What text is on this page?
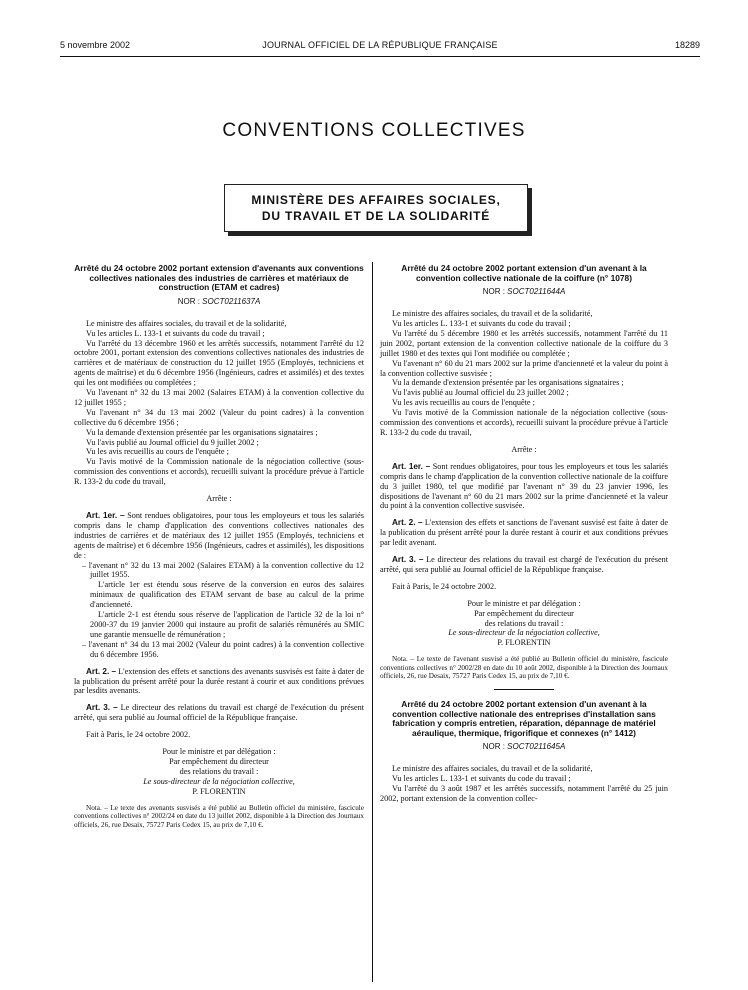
5 novembre 2002	JOURNAL OFFICIEL DE LA RÉPUBLIQUE FRANÇAISE	18289
CONVENTIONS COLLECTIVES
MINISTÈRE DES AFFAIRES SOCIALES,
DU TRAVAIL ET DE LA SOLIDARITÉ
Arrêté du 24 octobre 2002 portant extension d'avenants aux conventions collectives nationales des industries de carrières et matériaux de construction (ETAM et cadres)
NOR : SOCT0211637A

Le ministre des affaires sociales, du travail et de la solidarité,

Vu les articles L. 133-1 et suivants du code du travail ;

Vu l'arrêté du 13 décembre 1960 et les arrêtés successifs, notamment l'arrêté du 12 octobre 2001, portant extension des conventions collectives nationales des industries de carrières et de matériaux de construction du 12 juillet 1955 (Employés, techniciens et agents de maîtrise) et du 6 décembre 1956 (Ingénieurs, cadres et assimilés) et des textes qui les ont modifiées ou complétées ;

Vu l'avenant n° 32 du 13 mai 2002 (Salaires ETAM) à la convention collective du 12 juillet 1955 ;

Vu l'avenant n° 34 du 13 mai 2002 (Valeur du point cadres) à la convention collective du 6 décembre 1956 ;

Vu la demande d'extension présentée par les organisations signataires ;

Vu l'avis publié au Journal officiel du 9 juillet 2002 ;

Vu les avis recueillis au cours de l'enquête ;

Vu l'avis motivé de la Commission nationale de la négociation collective (sous-commission des conventions et accords), recueilli suivant la procédure prévue à l'article R. 133-2 du code du travail,

Arrête :

Art. 1er. – Sont rendues obligatoires, pour tous les employeurs et tous les salariés compris dans le champ d'application des conventions collectives nationales des industries de carrières et de matériaux des 12 juillet 1955 (Employés, techniciens et agents de maîtrise) et 6 décembre 1956 (Ingénieurs, cadres et assimilés), les dispositions de :

– l'avenant n° 32 du 13 mai 2002 (Salaires ETAM) à la convention collective du 12 juillet 1955.

L'article 1er est étendu sous réserve de la conversion en euros des salaires minimaux de qualification des ETAM servant de base au calcul de la prime d'ancienneté.

L'article 2-1 est étendu sous réserve de l'application de l'article 32 de la loi n° 2000-37 du 19 janvier 2000 qui instaure au profit de salariés rémunérés au SMIC une garantie mensuelle de rémunération ;

– l'avenant n° 34 du 13 mai 2002 (Valeur du point cadres) à la convention collective du 6 décembre 1956.

Art. 2. – L'extension des effets et sanctions des avenants susvisés est faite à dater de la publication du présent arrêté pour la durée restant à courir et aux conditions prévues par lesdits avenants.

Art. 3. – Le directeur des relations du travail est chargé de l'exécution du présent arrêté, qui sera publié au Journal officiel de la République française.

Fait à Paris, le 24 octobre 2002.

Pour le ministre et par délégation :

Par empêchement du directeur

des relations du travail :

Le sous-directeur de la négociation collective,

P. FLORENTIN

Nota. – Le texte des avenants susvisés a été publié au Bulletin officiel du ministère, fascicule conventions collectives n° 2002/24 en date du 13 juillet 2002, disponible à la Direction des Journaux officiels, 26, rue Desaix, 75727 Paris Cedex 15, au prix de 7,10 €.

Arrêté du 24 octobre 2002 portant extension d'un avenant à la convention collective nationale de la coiffure (n° 1078)
NOR : SOCT0211644A

Le ministre des affaires sociales, du travail et de la solidarité,

Vu les articles L. 133-1 et suivants du code du travail ;

Vu l'arrêté du 5 décembre 1980 et les arrêtés successifs, notamment l'arrêté du 11 juin 2002, portant extension de la convention collective nationale de la coiffure du 3 juillet 1980 et des textes qui l'ont modifiée ou complétée ;

Vu l'avenant n° 60 du 21 mars 2002 sur la prime d'ancienneté et la valeur du point à la convention collective susvisée ;

Vu la demande d'extension présentée par les organisations signataires ;

Vu l'avis publié au Journal officiel du 23 juillet 2002 ;

Vu les avis recueillis au cours de l'enquête ;

Vu l'avis motivé de la Commission nationale de la négociation collective (sous-commission des conventions et accords), recueilli suivant la procédure prévue à l'article R. 133-2 du code du travail,

Arrête :

Art. 1er. – Sont rendues obligatoires, pour tous les employeurs et tous les salariés compris dans le champ d'application de la convention collective nationale de la coiffure du 3 juillet 1980, tel que modifié par l'avenant n° 39 du 23 janvier 1996, les dispositions de l'avenant n° 60 du 21 mars 2002 sur la prime d'ancienneté et la valeur du point à la convention collective susvisée.

Art. 2. – L'extension des effets et sanctions de l'avenant susvisé est faite à dater de la publication du présent arrêté pour la durée restant à courir et aux conditions prévues par ledit avenant.

Art. 3. – Le directeur des relations du travail est chargé de l'exécution du présent arrêté, qui sera publié au Journal officiel de la République française.

Fait à Paris, le 24 octobre 2002.

Pour le ministre et par délégation :

Par empêchement du directeur

des relations du travail :

Le sous-directeur de la négociation collective,

P. FLORENTIN

Nota. – Le texte de l'avenant susvisé a été publié au Bulletin officiel du ministère, fascicule conventions collectives n° 2002/28 en date du 10 août 2002, disponible à la Direction des Journaux officiels, 26, rue Desaix, 75727 Paris Cedex 15, au prix de 7,10 €.

Arrêté du 24 octobre 2002 portant extension d'un avenant à la convention collective nationale des entreprises d'installation sans fabrication y compris entretien, réparation, dépannage de matériel aéraulique, thermique, frigorifique et connexes (n° 1412)
NOR : SOCT0211645A

Le ministre des affaires sociales, du travail et de la solidarité,

Vu les articles L. 133-1 et suivants du code du travail ;

Vu l'arrêté du 3 août 1987 et les arrêtés successifs, notamment l'arrêté du 25 juin 2002, portant extension de la convention collec-
